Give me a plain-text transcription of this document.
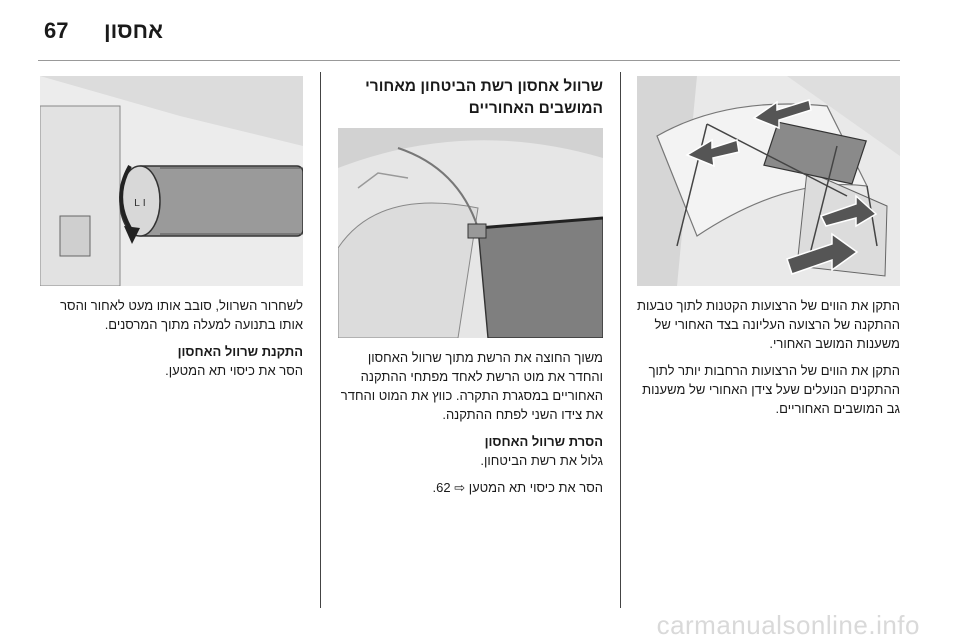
67 אחסון

התקן את הווים של הרצועות הקטנות לתוך טבעות ההתקנה של הרצועה העליונה בצד האחורי של משענות המושב האחורי.

התקן את הווים של הרצועות הרחבות יותר לתוך ההתקנים הנועלים שעל צידן האחורי של משענות גב המושבים האחוריים.

שרוול אחסון רשת הביטחון מאחורי המושבים האחוריים

משוך החוצה את הרשת מתוך שרוול האחסון והחדר את מוט הרשת לאחד מפתחי ההתקנה האחוריים במסגרת התקרה. כווץ את המוט והחדר את צידו השני לפתח ההתקנה.

הסרת שרוול האחסון

גלול את רשת הביטחון.

הסר את כיסוי תא המטען ⇨ 62.

L I

לשחרור השרוול, סובב אותו מעט לאחור והסר אותו בתנועה למעלה מתוך המרסנים.

התקנת שרוול האחסון

הסר את כיסוי תא המטען.

carmanualsonline.info
